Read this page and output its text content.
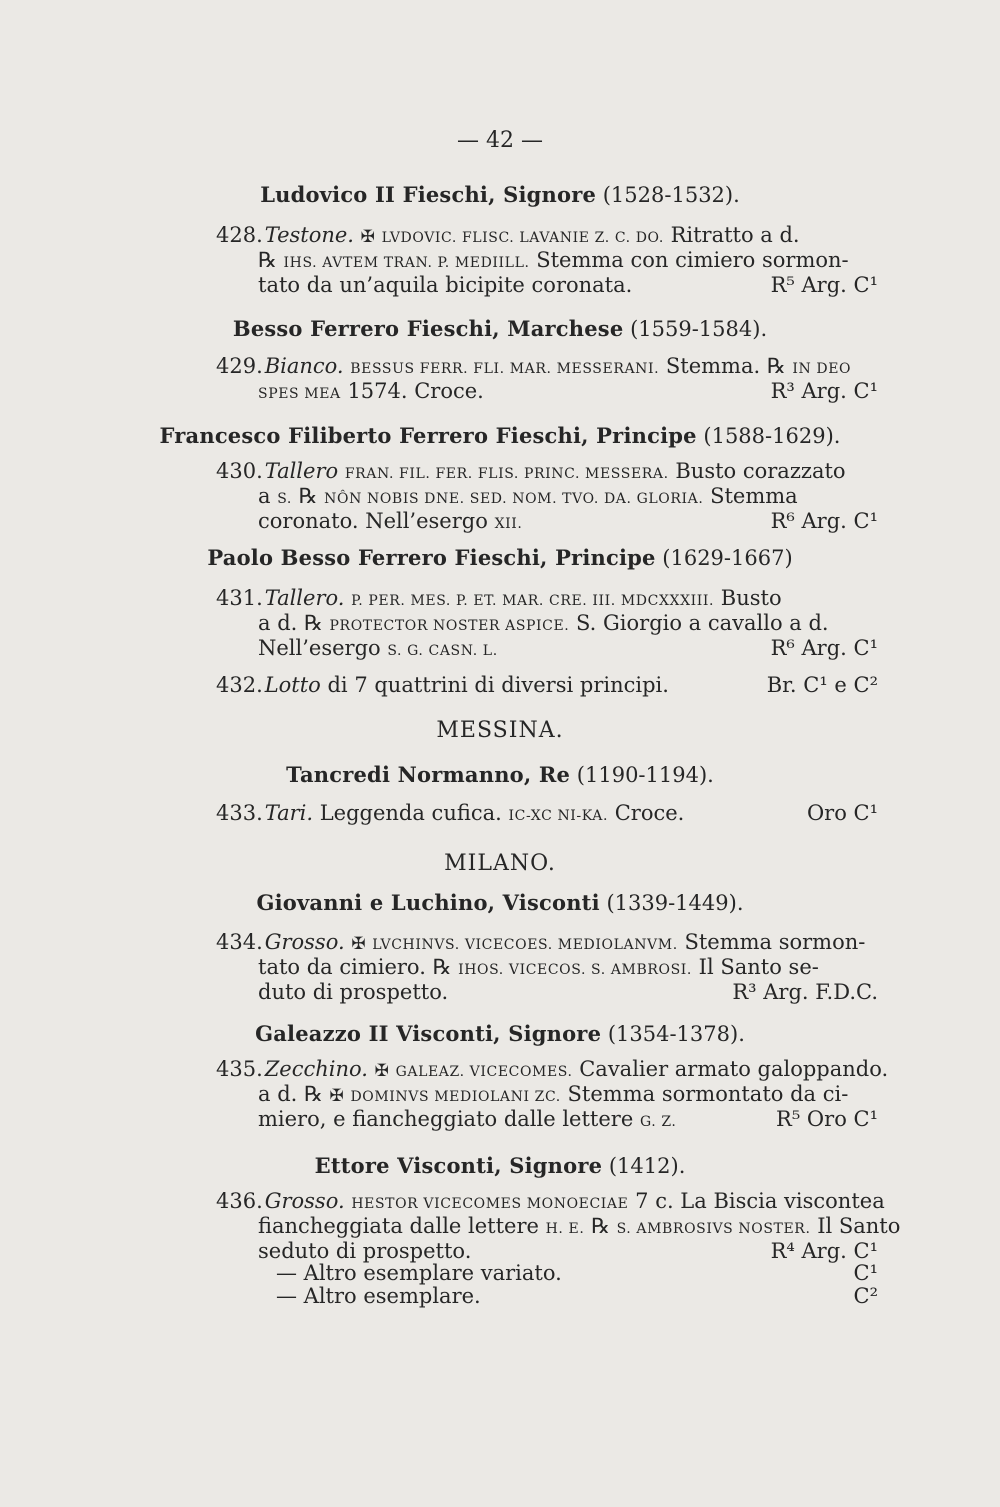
— 42 —
Ludovico II Fieschi, Signore (1528-1532).
428. Testone. ✠ LVDOVIC. FLISC. LAVANIE Z. C. DO. Ritratto a d.
℞ IHS. AVTEM TRAN. P. MEDIILL. Stemma con cimiero sormon-
tato da un’aquila bicipite coronata.	R⁵ Arg. C¹
Besso Ferrero Fieschi, Marchese (1559-1584).
429. Bianco. BESSUS FERR. FLI. MAR. MESSERANI. Stemma. ℞ IN DEO
SPES MEA 1574. Croce.	R³ Arg. C¹
Francesco Filiberto Ferrero Fieschi, Principe (1588-1629).
430. Tallero FRAN. FIL. FER. FLIS. PRINC. MESSERA. Busto corazzato
a S. ℞ NÔN NOBIS DNE. SED. NOM. TVO. DA. GLORIA. Stemma
coronato. Nell’esergo XII.	R⁶ Arg. C¹
Paolo Besso Ferrero Fieschi, Principe (1629-1667)
431. Tallero. P. PER. MES. P. ET. MAR. CRE. III. MDCXXXIII. Busto
a d. ℞ PROTECTOR NOSTER ASPICE. S. Giorgio a cavallo a d.
Nell’esergo S. G. CASN. L.	R⁶ Arg. C¹
432. Lotto di 7 quattrini di diversi principi.	Br. C¹ e C²
MESSINA.
Tancredi Normanno, Re (1190-1194).
433. Tari. Leggenda cufica. IC-XC NI-KA. Croce.	Oro C¹
MILANO.
Giovanni e Luchino, Visconti (1339-1449).
434. Grosso. ✠ LVCHINVS. VICECOES. MEDIOLANVM. Stemma sormon-
tato da cimiero. ℞ IHOS. VICECOS. S. AMBROSI. Il Santo se-
duto di prospetto.	R³ Arg. F.D.C.
Galeazzo II Visconti, Signore (1354-1378).
435. Zecchino. ✠ GALEAZ. VICECOMES. Cavalier armato galoppando.
a d. ℞ ✠ DOMINVS MEDIOLANI ZC. Stemma sormontato da ci-
miero, e fiancheggiato dalle lettere G. Z.	R⁵ Oro C¹
Ettore Visconti, Signore (1412).
436. Grosso. HESTOR VICECOMES MONOECIAE 7 c. La Biscia viscontea
fiancheggiata dalle lettere H. E. ℞ S. AMBROSIVS NOSTER. Il Santo
seduto di prospetto.	R⁴ Arg. C¹
— Altro esemplare variato.	C¹
— Altro esemplare.	C²
